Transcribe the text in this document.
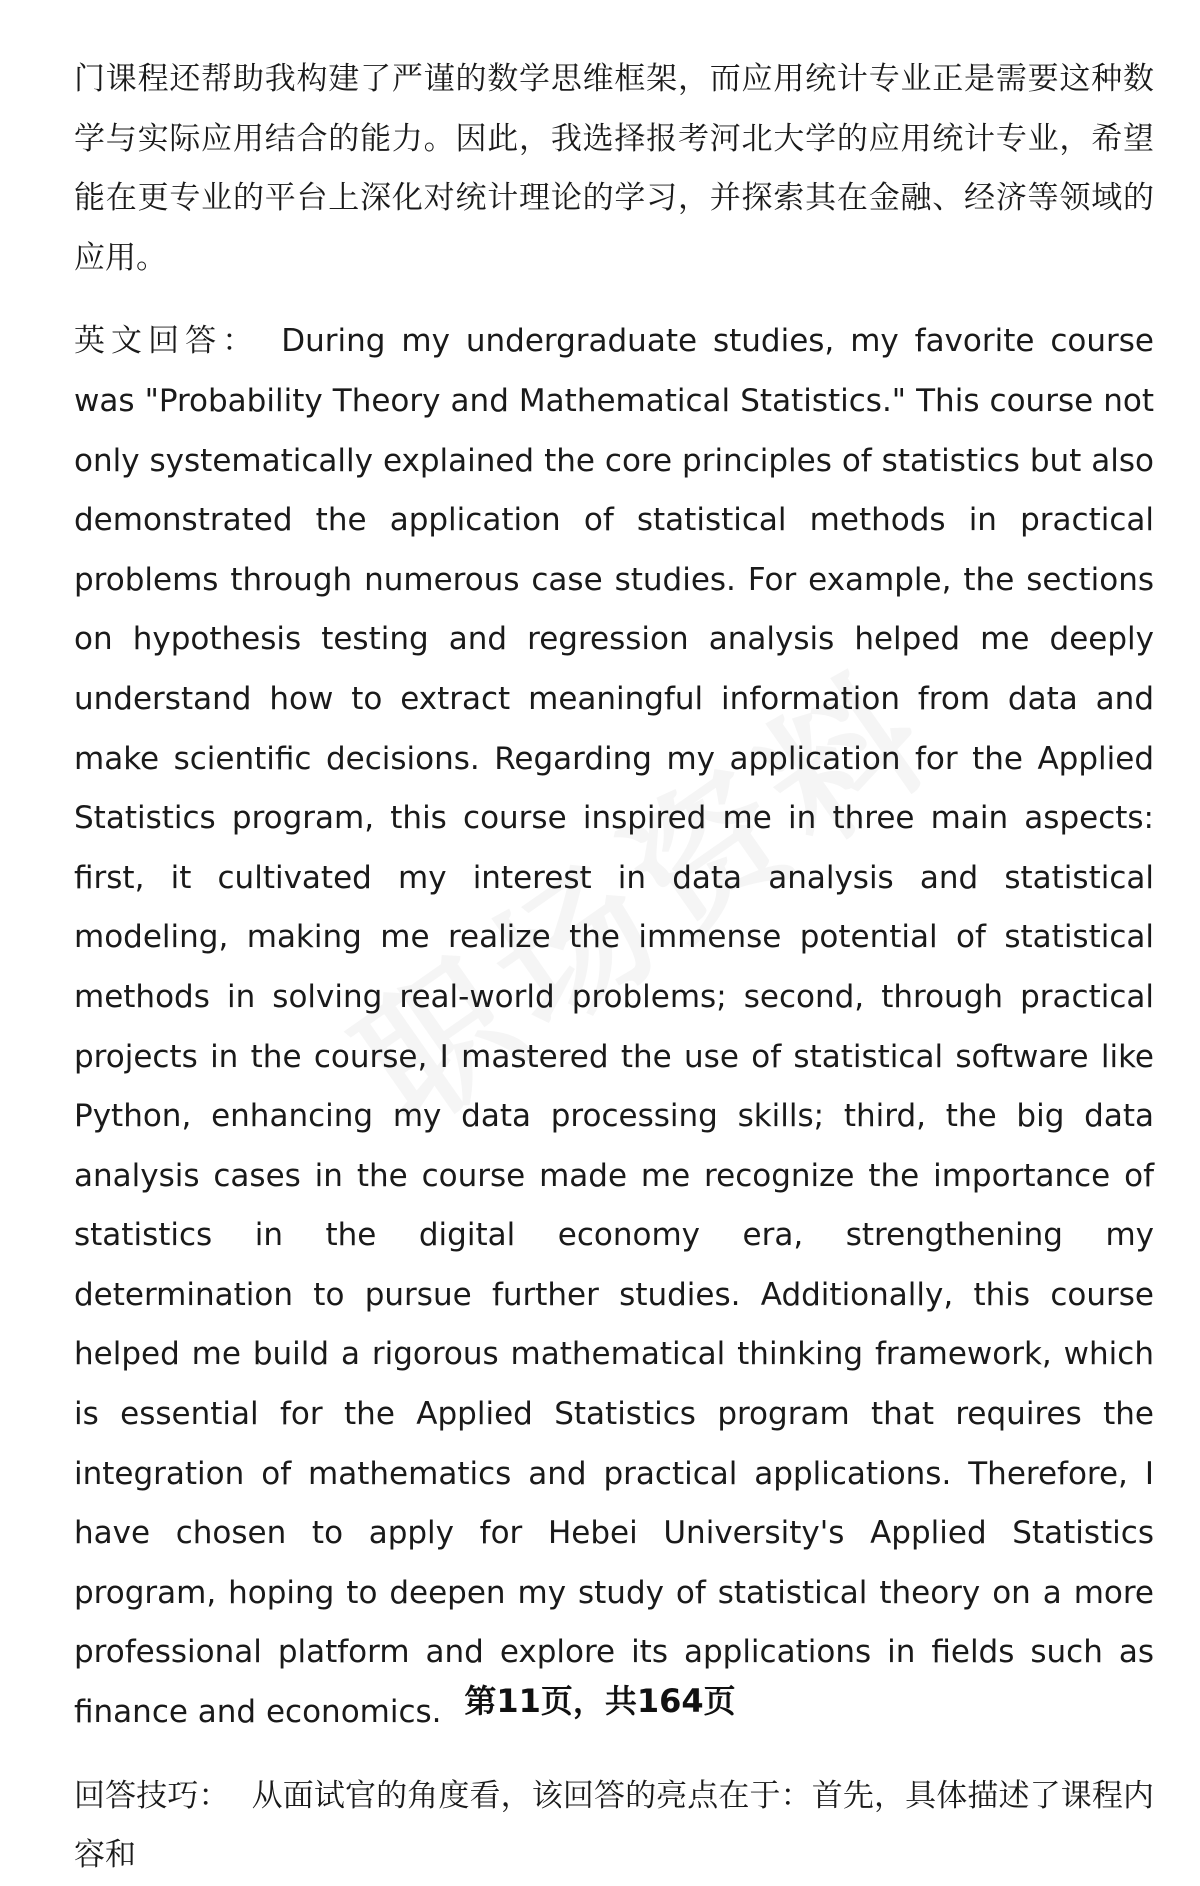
门课程还帮助我构建了严谨的数学思维框架，而应用统计专业正是需要这种数学与实际应用结合的能力。因此，我选择报考河北大学的应用统计专业，希望能在更专业的平台上深化对统计理论的学习，并探索其在金融、经济等领域的应用。

英文回答： During my undergraduate studies, my favorite course was "Probability Theory and Mathematical Statistics." This course not only systematically explained the core principles of statistics but also demonstrated the application of statistical methods in practical problems through numerous case studies. For example, the sections on hypothesis testing and regression analysis helped me deeply understand how to extract meaningful information from data and make scientific decisions. Regarding my application for the Applied Statistics program, this course inspired me in three main aspects: first, it cultivated my interest in data analysis and statistical modeling, making me realize the immense potential of statistical methods in solving real-world problems; second, through practical projects in the course, I mastered the use of statistical software like Python, enhancing my data processing skills; third, the big data analysis cases in the course made me recognize the importance of statistics in the digital economy era, strengthening my determination to pursue further studies. Additionally, this course helped me build a rigorous mathematical thinking framework, which is essential for the Applied Statistics program that requires the integration of mathematics and practical applications. Therefore, I have chosen to apply for Hebei University's Applied Statistics program, hoping to deepen my study of statistical theory on a more professional platform and explore its applications in fields such as finance and economics.

回答技巧： 从面试官的角度看，该回答的亮点在于：首先，具体描述了课程内容和

第11页，共164页
